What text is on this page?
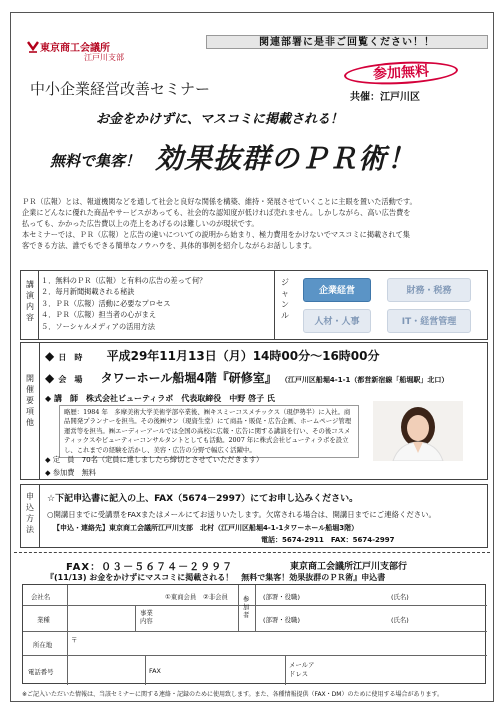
東京商工会議所
江戸川支部
関連部署に是非ご回覧ください！！
参加無料
共催：江戸川区
中小企業経営改善セミナー
お金をかけずに、マスコミに掲載される！
無料で集客！ 効果抜群のＰＲ術！

ＰＲ（広報）とは、報道機関などを通して社会と良好な関係を構築、維持・発展させていくことに主眼を置いた活動です。

企業にどんなに優れた商品やサービスがあっても、社会的な認知度が低ければ売れません。しかしながら、高い広告費を

払っても、かかった広告費以上の売上をあげるのは難しいのが現状です。

本セミナーでは、ＰＲ（広報）と広告の違いについての説明から始まり、極力費用をかけないでマスコミに掲載されて集

客できる方法、誰でもできる簡単なノウハウを、具体的事例を紹介しながらお話しします。

講演内容
１．無料のＰＲ（広報）と有料の広告の差って何？
２．毎月新聞掲載される秘訣
３．ＰＲ（広報）活動に必要なプロセス
４．ＰＲ（広報）担当者の心がまえ
５．ソーシャルメディアの活用方法
ジャンル
企業経営	財務・税務
人材・人事	IT・経営管理
開催要項他
◆ 日　時 平成29年11月13日（月）14時00分～16時00分
◆ 会　場 タワーホール船堀4階『研修室』 （江戸川区船堀4-1-1（都営新宿線「船堀駅」北口）
◆ 講　師　株式会社ビューティラボ　代表取締役　中野 啓子 氏
略歴：1984 年　多摩美術大学美術学部卒業後、㈱キスミーコスメチックス（現伊勢半）に入社。商品開発プランナーを担当。その後㈱サン（現資生堂）にて商品・販促・広告企画、ホームページ管理運営等を担当。㈱エーディーアールでは全国の高校に広報・広告に関する講演を行い、その後コスメティックスやビューティーコンサルタントとしても活動。2007 年に株式会社ビューティラボを設立し、これまでの経験を活かし、美容・広告の分野で幅広く活躍中。
◆ 定　員　70名（定員に達しましたら締切とさせていただきます）
◆ 参加費　無料
申込方法
☆下記申込書に記入の上、FAX（5674－2997）にてお申し込みください。
○開講日までに受講票をFAXまたはメールにてお送りいたします。欠席される場合は、開講日までにご連絡ください。
【申込・連絡先】東京商工会議所江戸川支部　北村（江戸川区船堀4-1-1タワーホール船堀3階）
電話：5674-2911　FAX：5674-2997
FAX：０３－５６７４－２９９７	東京商工会議所江戸川支部行
『(11/13) お金をかけずにマスコミに掲載される！　無料で集客！効果抜群のＰＲ術』申込書
会社名	①東商会員 ②非会員 参加者
(部署・役職)	(氏名)
(部署・役職)	(氏名)
業種
事業内容
所在地
〒
電話番号	FAX
メールアドレス
※ご記入いただいた情報は、当該セミナーに関する連絡・記録のために使用致します。また、各種情報提供（FAX・DM）のために使用する場合があります。
